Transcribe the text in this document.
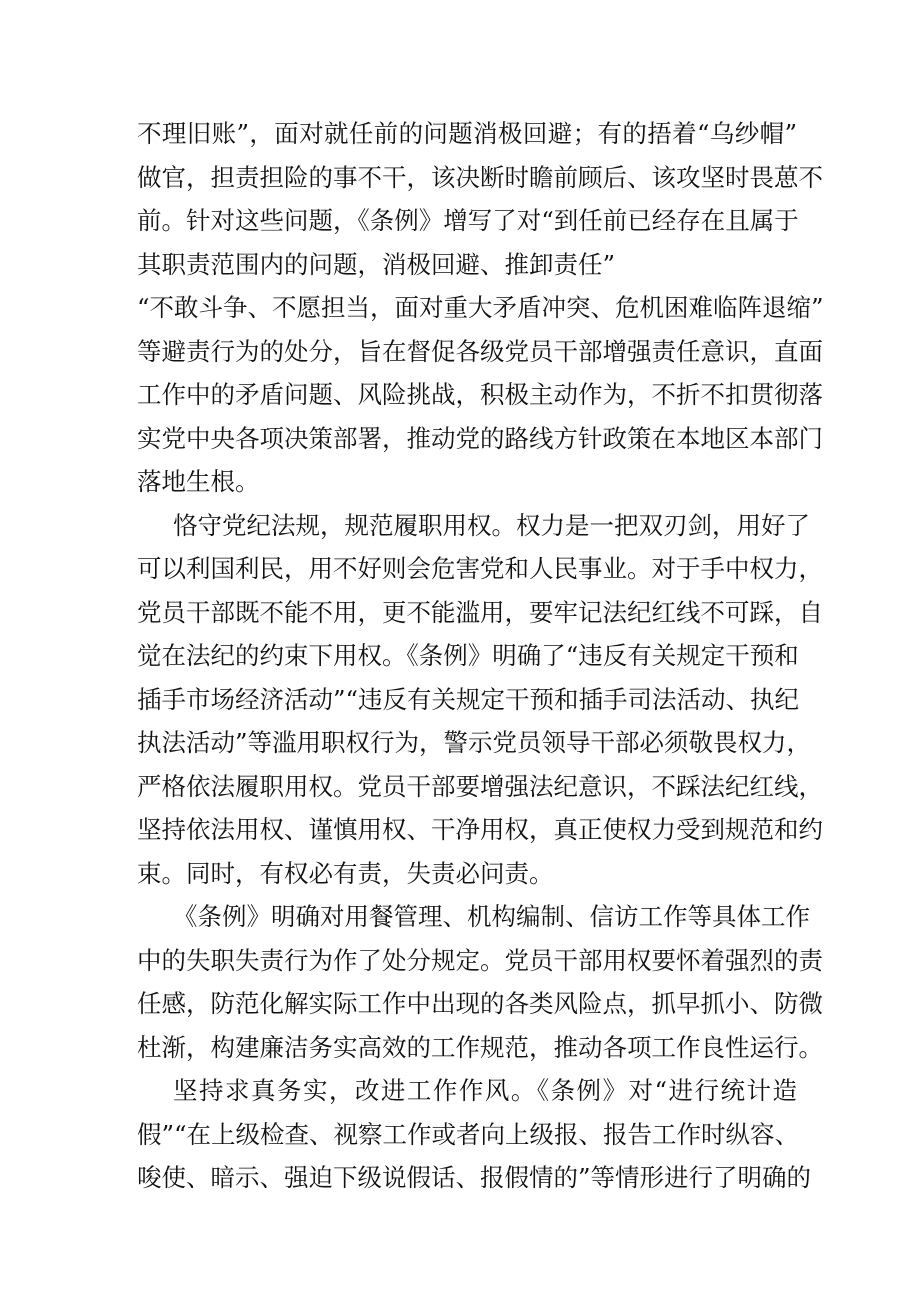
不理旧账”，面对就任前的问题消极回避；有的捂着“乌纱帽”
做官，担责担险的事不干，该决断时瞻前顾后、该攻坚时畏葸不
前。针对这些问题，《条例》增写了对“到任前已经存在且属于
其职责范围内的问题，消极回避、推卸责任”
“不敢斗争、不愿担当，面对重大矛盾冲突、危机困难临阵退缩”
等避责行为的处分，旨在督促各级党员干部增强责任意识，直面
工作中的矛盾问题、风险挑战，积极主动作为，不折不扣贯彻落
实党中央各项决策部署，推动党的路线方针政策在本地区本部门
落地生根。
恪守党纪法规，规范履职用权。权力是一把双刃剑，用好了
可以利国利民，用不好则会危害党和人民事业。对于手中权力，
党员干部既不能不用，更不能滥用，要牢记法纪红线不可踩，自
觉在法纪的约束下用权。《条例》明确了“违反有关规定干预和
插手市场经济活动”“违反有关规定干预和插手司法活动、执纪
执法活动”等滥用职权行为，警示党员领导干部必须敬畏权力，
严格依法履职用权。党员干部要增强法纪意识，不踩法纪红线，
坚持依法用权、谨慎用权、干净用权，真正使权力受到规范和约
束。同时，有权必有责，失责必问责。
《条例》明确对用餐管理、机构编制、信访工作等具体工作
中的失职失责行为作了处分规定。党员干部用权要怀着强烈的责
任感，防范化解实际工作中出现的各类风险点，抓早抓小、防微
杜渐，构建廉洁务实高效的工作规范，推动各项工作良性运行。
坚持求真务实，改进工作作风。《条例》对“进行统计造
假”“在上级检查、视察工作或者向上级报、报告工作时纵容、
唆使、暗示、强迫下级说假话、报假情的”等情形进行了明确的
